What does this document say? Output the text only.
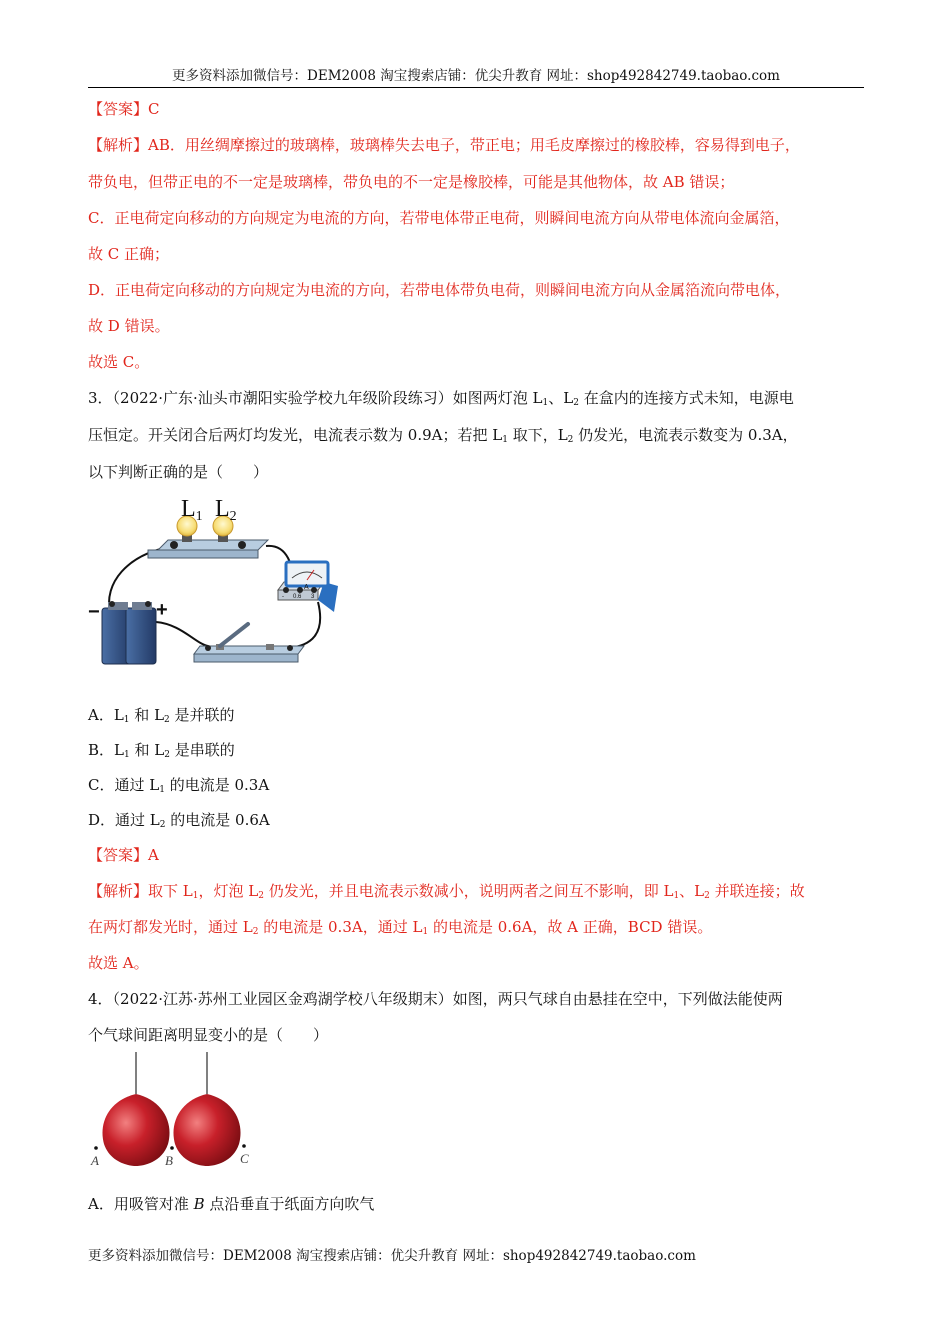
更多资料添加微信号：DEM2008 淘宝搜索店铺：优尖升教育 网址：shop492842749.taobao.com
【答案】C
【解析】AB．用丝绸摩擦过的玻璃棒，玻璃棒失去电子，带正电；用毛皮摩擦过的橡胶棒，容易得到电子，
带负电，但带正电的不一定是玻璃棒，带负电的不一定是橡胶棒，可能是其他物体，故 AB 错误；
C．正电荷定向移动的方向规定为电流的方向，若带电体带正电荷，则瞬间电流方向从带电体流向金属箔，
故 C 正确；
D．正电荷定向移动的方向规定为电流的方向，若带电体带负电荷，则瞬间电流方向从金属箔流向带电体，
故 D 错误。
故选 C。
3．（2022·广东·汕头市潮阳实验学校九年级阶段练习）如图两灯泡 $L_1$、$L_2$ 在盒内的连接方式未知，电源电
压恒定。开关闭合后两灯均发光，电流表示数为 0.9A；若把 $L_1$ 取下，$L_2$ 仍发光，电流表示数变为 0.3A，
以下判断正确的是（　　）
L1 L2
A
- 0.6 3
−	+
A．$L_1$ 和 $L_2$ 是并联的
B．$L_1$ 和 $L_2$ 是串联的
C．通过 $L_1$ 的电流是 0.3A
D．通过 $L_2$ 的电流是 0.6A
【答案】A
【解析】取下 $L_1$，灯泡 $L_2$ 仍发光，并且电流表示数减小，说明两者之间互不影响，即 $L_1$、$L_2$ 并联连接；故
在两灯都发光时，通过 $L_2$ 的电流是 0.3A，通过 $L_1$ 的电流是 0.6A，故 A 正确，BCD 错误。
故选 A。
4．（2022·江苏·苏州工业园区金鸡湖学校八年级期末）如图，两只气球自由悬挂在空中，下列做法能使两
个气球间距离明显变小的是（　　）
A	B	C
A．用吸管对准 B 点沿垂直于纸面方向吹气
更多资料添加微信号：DEM2008 淘宝搜索店铺：优尖升教育 网址：shop492842749.taobao.com
